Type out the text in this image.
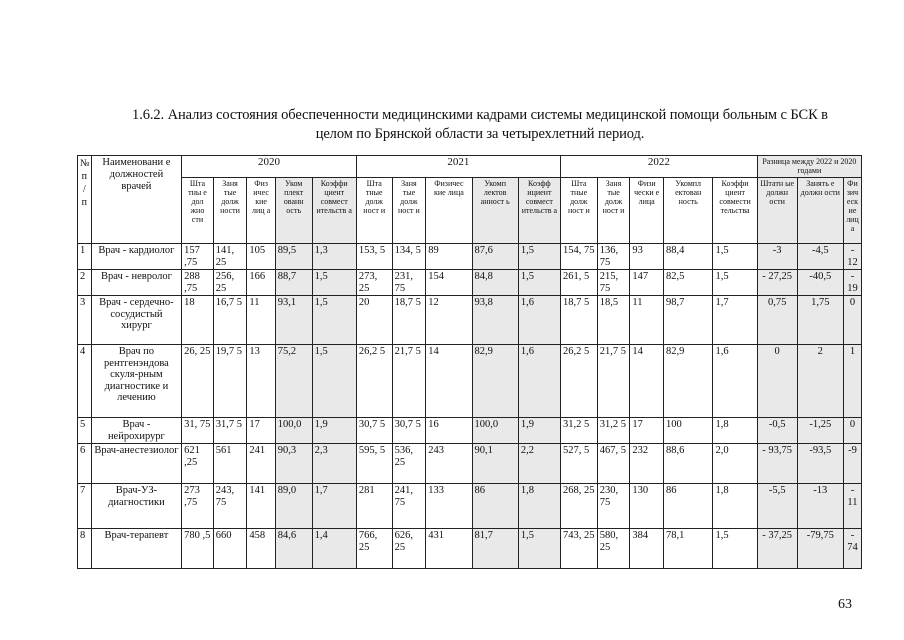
1.6.2. Анализ состояния обеспеченности медицинскими кадрами системы медицинской помощи больным с БСК в
целом по Брянской области за четырехлетний период.
№ п / п	Наименовани е должностей врачей	2020					2021					2022					Разница между 2022 и 2020 годами		
		Шта тны е дол жно сти	Заня тые долж ности	Физ ичес кие лиц а	Уком плект ованн ость	Коэффи циент совмест ительств а	Шта тные долж ност и	Заня тые долж ност и	Физичес кие лица	Укомп лектов анност ь	Коэфф ициент совмест ительств а	Шта тные долж ност и	Заня тые долж ност и	Физи чески е лица	Укомпл ектован ность	Коэффи циент совмести тельства	Штатн ые должн ости	Занять е должн ости	Фи зич еск ие лиц а
1	Врач - кардиолог	157 ,75	141, 25	105	89,5	1,3	153, 5	134, 5	89	87,6	1,5	154, 75	136, 75	93	88,4	1,5	-3	-4,5	- 12
2	Врач - невролог	288 ,75	256, 25	166	88,7	1,5	273, 25	231, 75	154	84,8	1,5	261, 5	215, 75	147	82,5	1,5	- 27,25	-40,5	- 19
3	Врач - сердечно-сосудистый хирург	18	16,7 5	11	93,1	1,5	20	18,7 5	12	93,8	1,6	18,7 5	18,5	11	98,7	1,7	0,75	1,75	0
4	Врач по рентгенэндова скуля-рным диагностике и лечению	26, 25	19,7 5	13	75,2	1,5	26,2 5	21,7 5	14	82,9	1,6	26,2 5	21,7 5	14	82,9	1,6	0	2	1
5	Врач - нейрохирург	31, 75	31,7 5	17	100,0	1,9	30,7 5	30,7 5	16	100,0	1,9	31,2 5	31,2 5	17	100	1,8	-0,5	-1,25	0
6	Врач-анестезиолог	621 ,25	561	241	90,3	2,3	595, 5	536, 25	243	90,1	2,2	527, 5	467, 5	232	88,6	2,0	- 93,75	-93,5	-9
7	Врач-УЗ-диагностики	273 ,75	243, 75	141	89,0	1,7	281	241, 75	133	86	1,8	268, 25	230, 75	130	86	1,8	-5,5	-13	- 11
8	Врач-терапевт	780 ,5	660	458	84,6	1,4	766, 25	626, 25	431	81,7	1,5	743, 25	580, 25	384	78,1	1,5	- 37,25	-79,75	- 74
63
